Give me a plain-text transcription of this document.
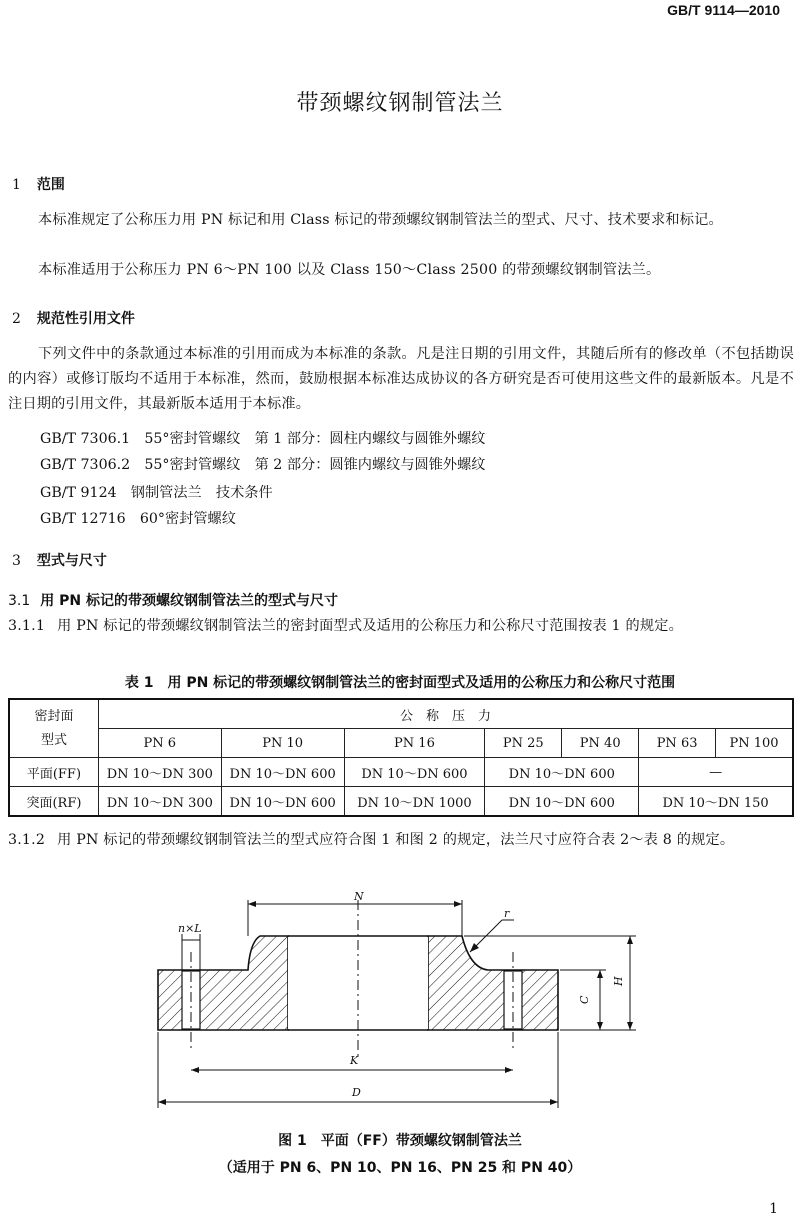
GB/T 9114—2010
带颈螺纹钢制管法兰
1 范围
本标准规定了公称压力用 PN 标记和用 Class 标记的带颈螺纹钢制管法兰的型式、尺寸、技术要求和标记。
本标准适用于公称压力 PN 6～PN 100 以及 Class 150～Class 2500 的带颈螺纹钢制管法兰。
2 规范性引用文件
下列文件中的条款通过本标准的引用而成为本标准的条款。凡是注日期的引用文件，其随后所有的修改单（不包括勘误的内容）或修订版均不适用于本标准，然而，鼓励根据本标准达成协议的各方研究是否可使用这些文件的最新版本。凡是不注日期的引用文件，其最新版本适用于本标准。
GB/T 7306.1　55°密封管螺纹　第 1 部分：圆柱内螺纹与圆锥外螺纹
GB/T 7306.2　55°密封管螺纹　第 2 部分：圆锥内螺纹与圆锥外螺纹
GB/T 9124　钢制管法兰　技术条件
GB/T 12716　60°密封管螺纹
3 型式与尺寸
3.1 用 PN 标记的带颈螺纹钢制管法兰的型式与尺寸
3.1.1 用 PN 标记的带颈螺纹钢制管法兰的密封面型式及适用的公称压力和公称尺寸范围按表 1 的规定。
表 1　用 PN 标记的带颈螺纹钢制管法兰的密封面型式及适用的公称压力和公称尺寸范围
密封面
型式	公　称　压　力						
	PN 6	PN 10	PN 16	PN 25	PN 40	PN 63	PN 100
平面(FF)	DN 10～DN 300	DN 10～DN 600	DN 10～DN 600	DN 10～DN 600		—	
突面(RF)	DN 10～DN 300	DN 10～DN 600	DN 10～DN 1000	DN 10～DN 600		DN 10～DN 150	
3.1.2 用 PN 标记的带颈螺纹钢制管法兰的型式应符合图 1 和图 2 的规定，法兰尺寸应符合表 2～表 8 的规定。
N
r
n×L
C
H
K
D
图 1　平面（FF）带颈螺纹钢制管法兰
（适用于 PN 6、PN 10、PN 16、PN 25 和 PN 40）
1
